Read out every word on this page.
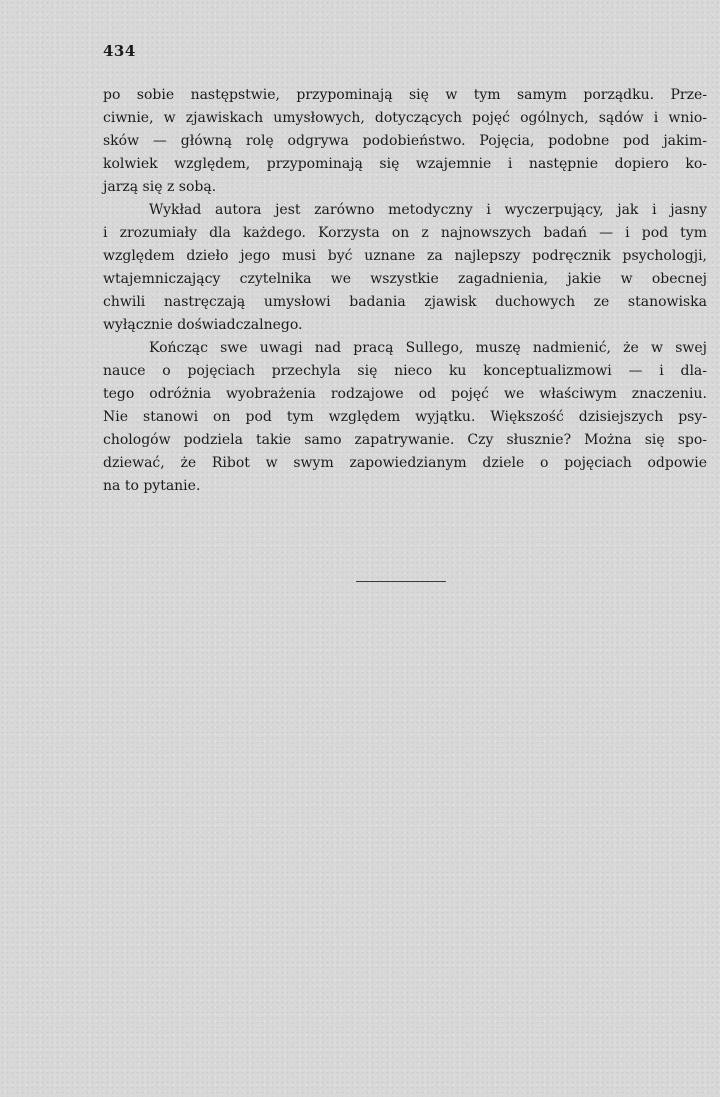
434
po sobie następstwie, przypominają się w tym samym porządku. Prze-
ciwnie, w zjawiskach umysłowych, dotyczących pojęć ogólnych, sądów i wnio-
sków — główną rolę odgrywa podobieństwo. Pojęcia, podobne pod jakim-
kolwiek względem, przypominają się wzajemnie i następnie dopiero ko-
jarzą się z sobą.
Wykład autora jest zarówno metodyczny i wyczerpujący, jak i jasny
i zrozumiały dla każdego. Korzysta on z najnowszych badań — i pod tym
względem dzieło jego musi być uznane za najlepszy podręcznik psychologji,
wtajemniczający czytelnika we wszystkie zagadnienia, jakie w obecnej
chwili nastręczają umysłowi badania zjawisk duchowych ze stanowiska
wyłącznie doświadczalnego.
Kończąc swe uwagi nad pracą Sullego, muszę nadmienić, że w swej
nauce o pojęciach przechyla się nieco ku konceptualizmowi — i dla-
tego odróżnia wyobrażenia rodzajowe od pojęć we właściwym znaczeniu.
Nie stanowi on pod tym względem wyjątku. Większość dzisiejszych psy-
chologów podziela takie samo zapatrywanie. Czy słusznie? Można się spo-
dziewać, że Ribot w swym zapowiedzianym dziele o pojęciach odpowie
na to pytanie.
